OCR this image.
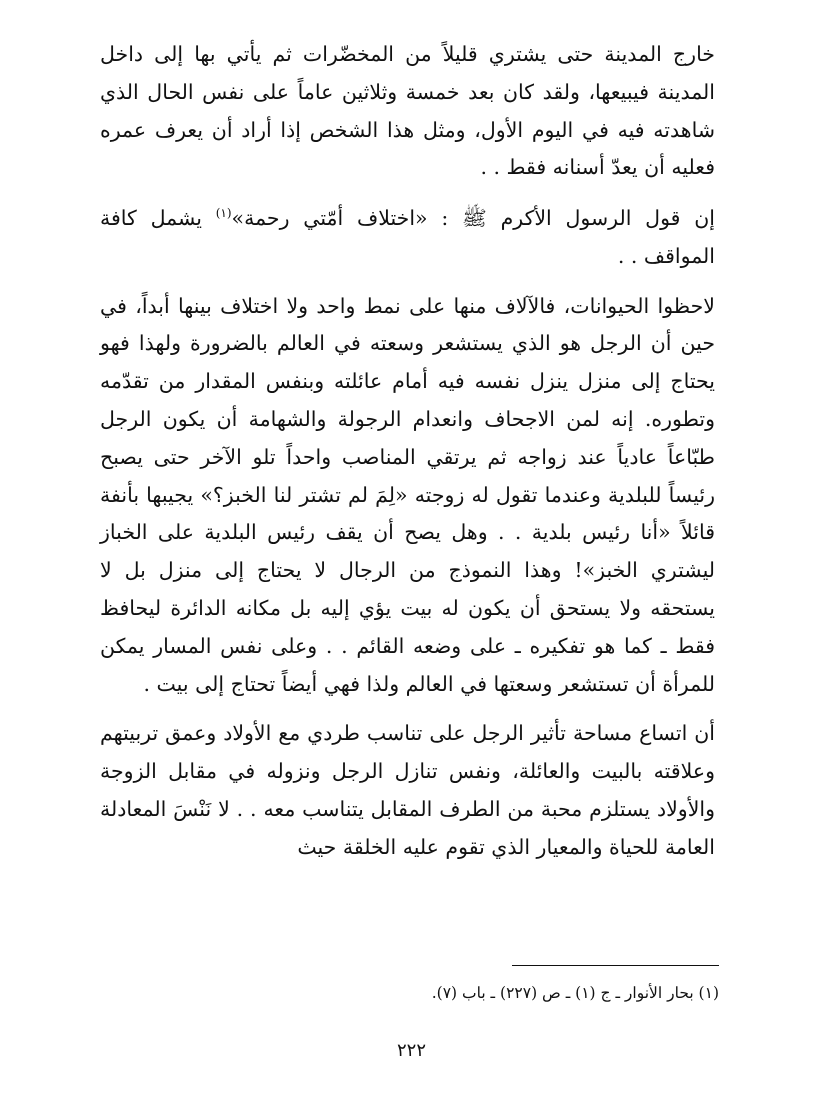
خارج المدينة حتى يشتري قليلاً من المخضّرات ثم يأتي بها إلى داخل المدينة فيبيعها، ولقد كان بعد خمسة وثلاثين عاماً على نفس الحال الذي شاهدته فيه في اليوم الأول، ومثل هذا الشخص إذا أراد أن يعرف عمره فعليه أن يعدّ أسنانه فقط . .

إن قول الرسول الأكرم ﷺ : «اختلاف أمّتي رحمة»$^{(١)}$ يشمل كافة المواقف . .

لاحظوا الحيوانات، فالآلاف منها على نمط واحد ولا اختلاف بينها أبداً، في حين أن الرجل هو الذي يستشعر وسعته في العالم بالضرورة ولهذا فهو يحتاج إلى منزل ينزل نفسه فيه أمام عائلته وبنفس المقدار من تقدّمه وتطوره. إنه لمن الاجحاف وانعدام الرجولة والشهامة أن يكون الرجل طبّاعاً عادياً عند زواجه ثم يرتقي المناصب واحداً تلو الآخر حتى يصبح رئيساً للبلدية وعندما تقول له زوجته «لِمَ لم تشتر لنا الخبز؟» يجيبها بأنفة قائلاً «أنا رئيس بلدية . . وهل يصح أن يقف رئيس البلدية على الخباز ليشتري الخبز»! وهذا النموذج من الرجال لا يحتاج إلى منزل بل لا يستحقه ولا يستحق أن يكون له بيت يؤي إليه بل مكانه الدائرة ليحافظ فقط ـ كما هو تفكيره ـ على وضعه القائم . . وعلى نفس المسار يمكن للمرأة أن تستشعر وسعتها في العالم ولذا فهي أيضاً تحتاج إلى بيت .

أن اتساع مساحة تأثير الرجل على تناسب طردي مع الأولاد وعمق تربيتهم وعلاقته بالبيت والعائلة، ونفس تنازل الرجل ونزوله في مقابل الزوجة والأولاد يستلزم محبة من الطرف المقابل يتناسب معه . . لا نَنْسَ المعادلة العامة للحياة والمعيار الذي تقوم عليه الخلقة حيث

(١) بحار الأنوار ـ ج (١) ـ ص (٢٢٧) ـ باب (٧).
٢٢٢
